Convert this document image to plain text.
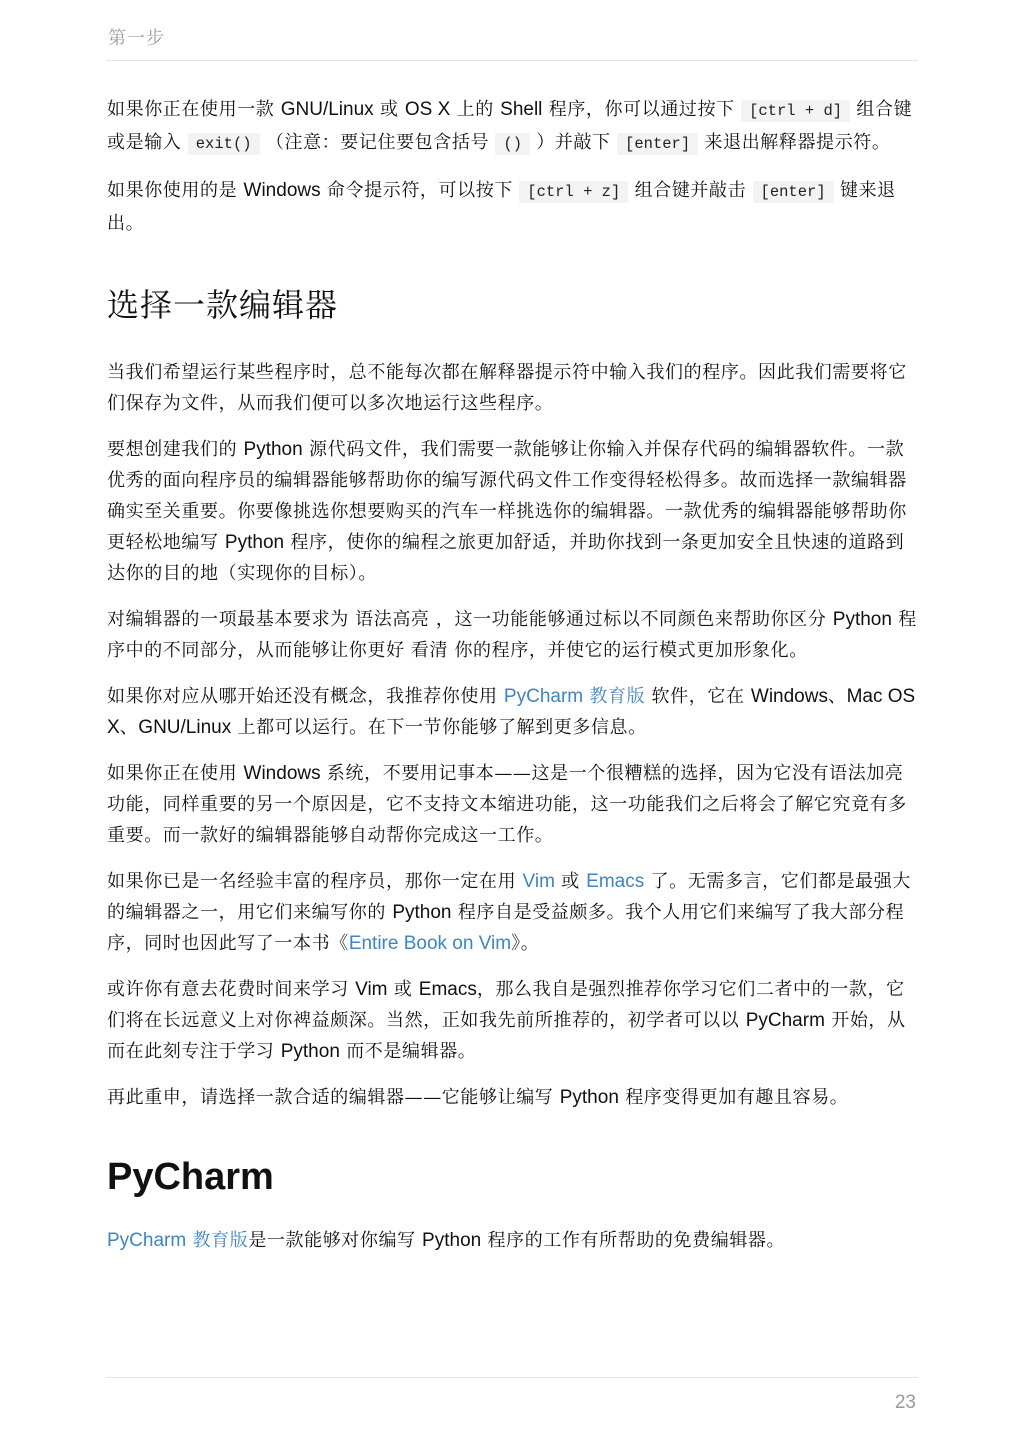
第一步

如果你正在使用一款 GNU/Linux 或 OS X 上的 Shell 程序，你可以通过按下 [ctrl + d] 组合键或是输入 exit() （注意：要记住要包含括号 () ）并敲下 [enter] 来退出解释器提示符。

如果你使用的是 Windows 命令提示符，可以按下 [ctrl + z] 组合键并敲击 [enter] 键来退出。

选择一款编辑器

当我们希望运行某些程序时，总不能每次都在解释器提示符中输入我们的程序。因此我们需要将它们保存为文件，从而我们便可以多次地运行这些程序。

要想创建我们的 Python 源代码文件，我们需要一款能够让你输入并保存代码的编辑器软件。一款优秀的面向程序员的编辑器能够帮助你的编写源代码文件工作变得轻松得多。故而选择一款编辑器确实至关重要。你要像挑选你想要购买的汽车一样挑选你的编辑器。一款优秀的编辑器能够帮助你更轻松地编写 Python 程序，使你的编程之旅更加舒适，并助你找到一条更加安全且快速的道路到达你的目的地（实现你的目标）。

对编辑器的一项最基本要求为 语法高亮 ，这一功能能够通过标以不同颜色来帮助你区分 Python 程序中的不同部分，从而能够让你更好 看清 你的程序，并使它的运行模式更加形象化。

如果你对应从哪开始还没有概念，我推荐你使用 PyCharm 教育版 软件，它在 Windows、Mac OS X、GNU/Linux 上都可以运行。在下一节你能够了解到更多信息。

如果你正在使用 Windows 系统，不要用记事本——这是一个很糟糕的选择，因为它没有语法加亮功能，同样重要的另一个原因是，它不支持文本缩进功能，这一功能我们之后将会了解它究竟有多重要。而一款好的编辑器能够自动帮你完成这一工作。

如果你已是一名经验丰富的程序员，那你一定在用 Vim 或 Emacs 了。无需多言，它们都是最强大的编辑器之一，用它们来编写你的 Python 程序自是受益颇多。我个人用它们来编写了我大部分程序，同时也因此写了一本书《Entire Book on Vim》。

或许你有意去花费时间来学习 Vim 或 Emacs，那么我自是强烈推荐你学习它们二者中的一款，它们将在长远意义上对你裨益颇深。当然，正如我先前所推荐的，初学者可以以 PyCharm 开始，从而在此刻专注于学习 Python 而不是编辑器。

再此重申，请选择一款合适的编辑器——它能够让编写 Python 程序变得更加有趣且容易。

PyCharm

PyCharm 教育版是一款能够对你编写 Python 程序的工作有所帮助的免费编辑器。

23
